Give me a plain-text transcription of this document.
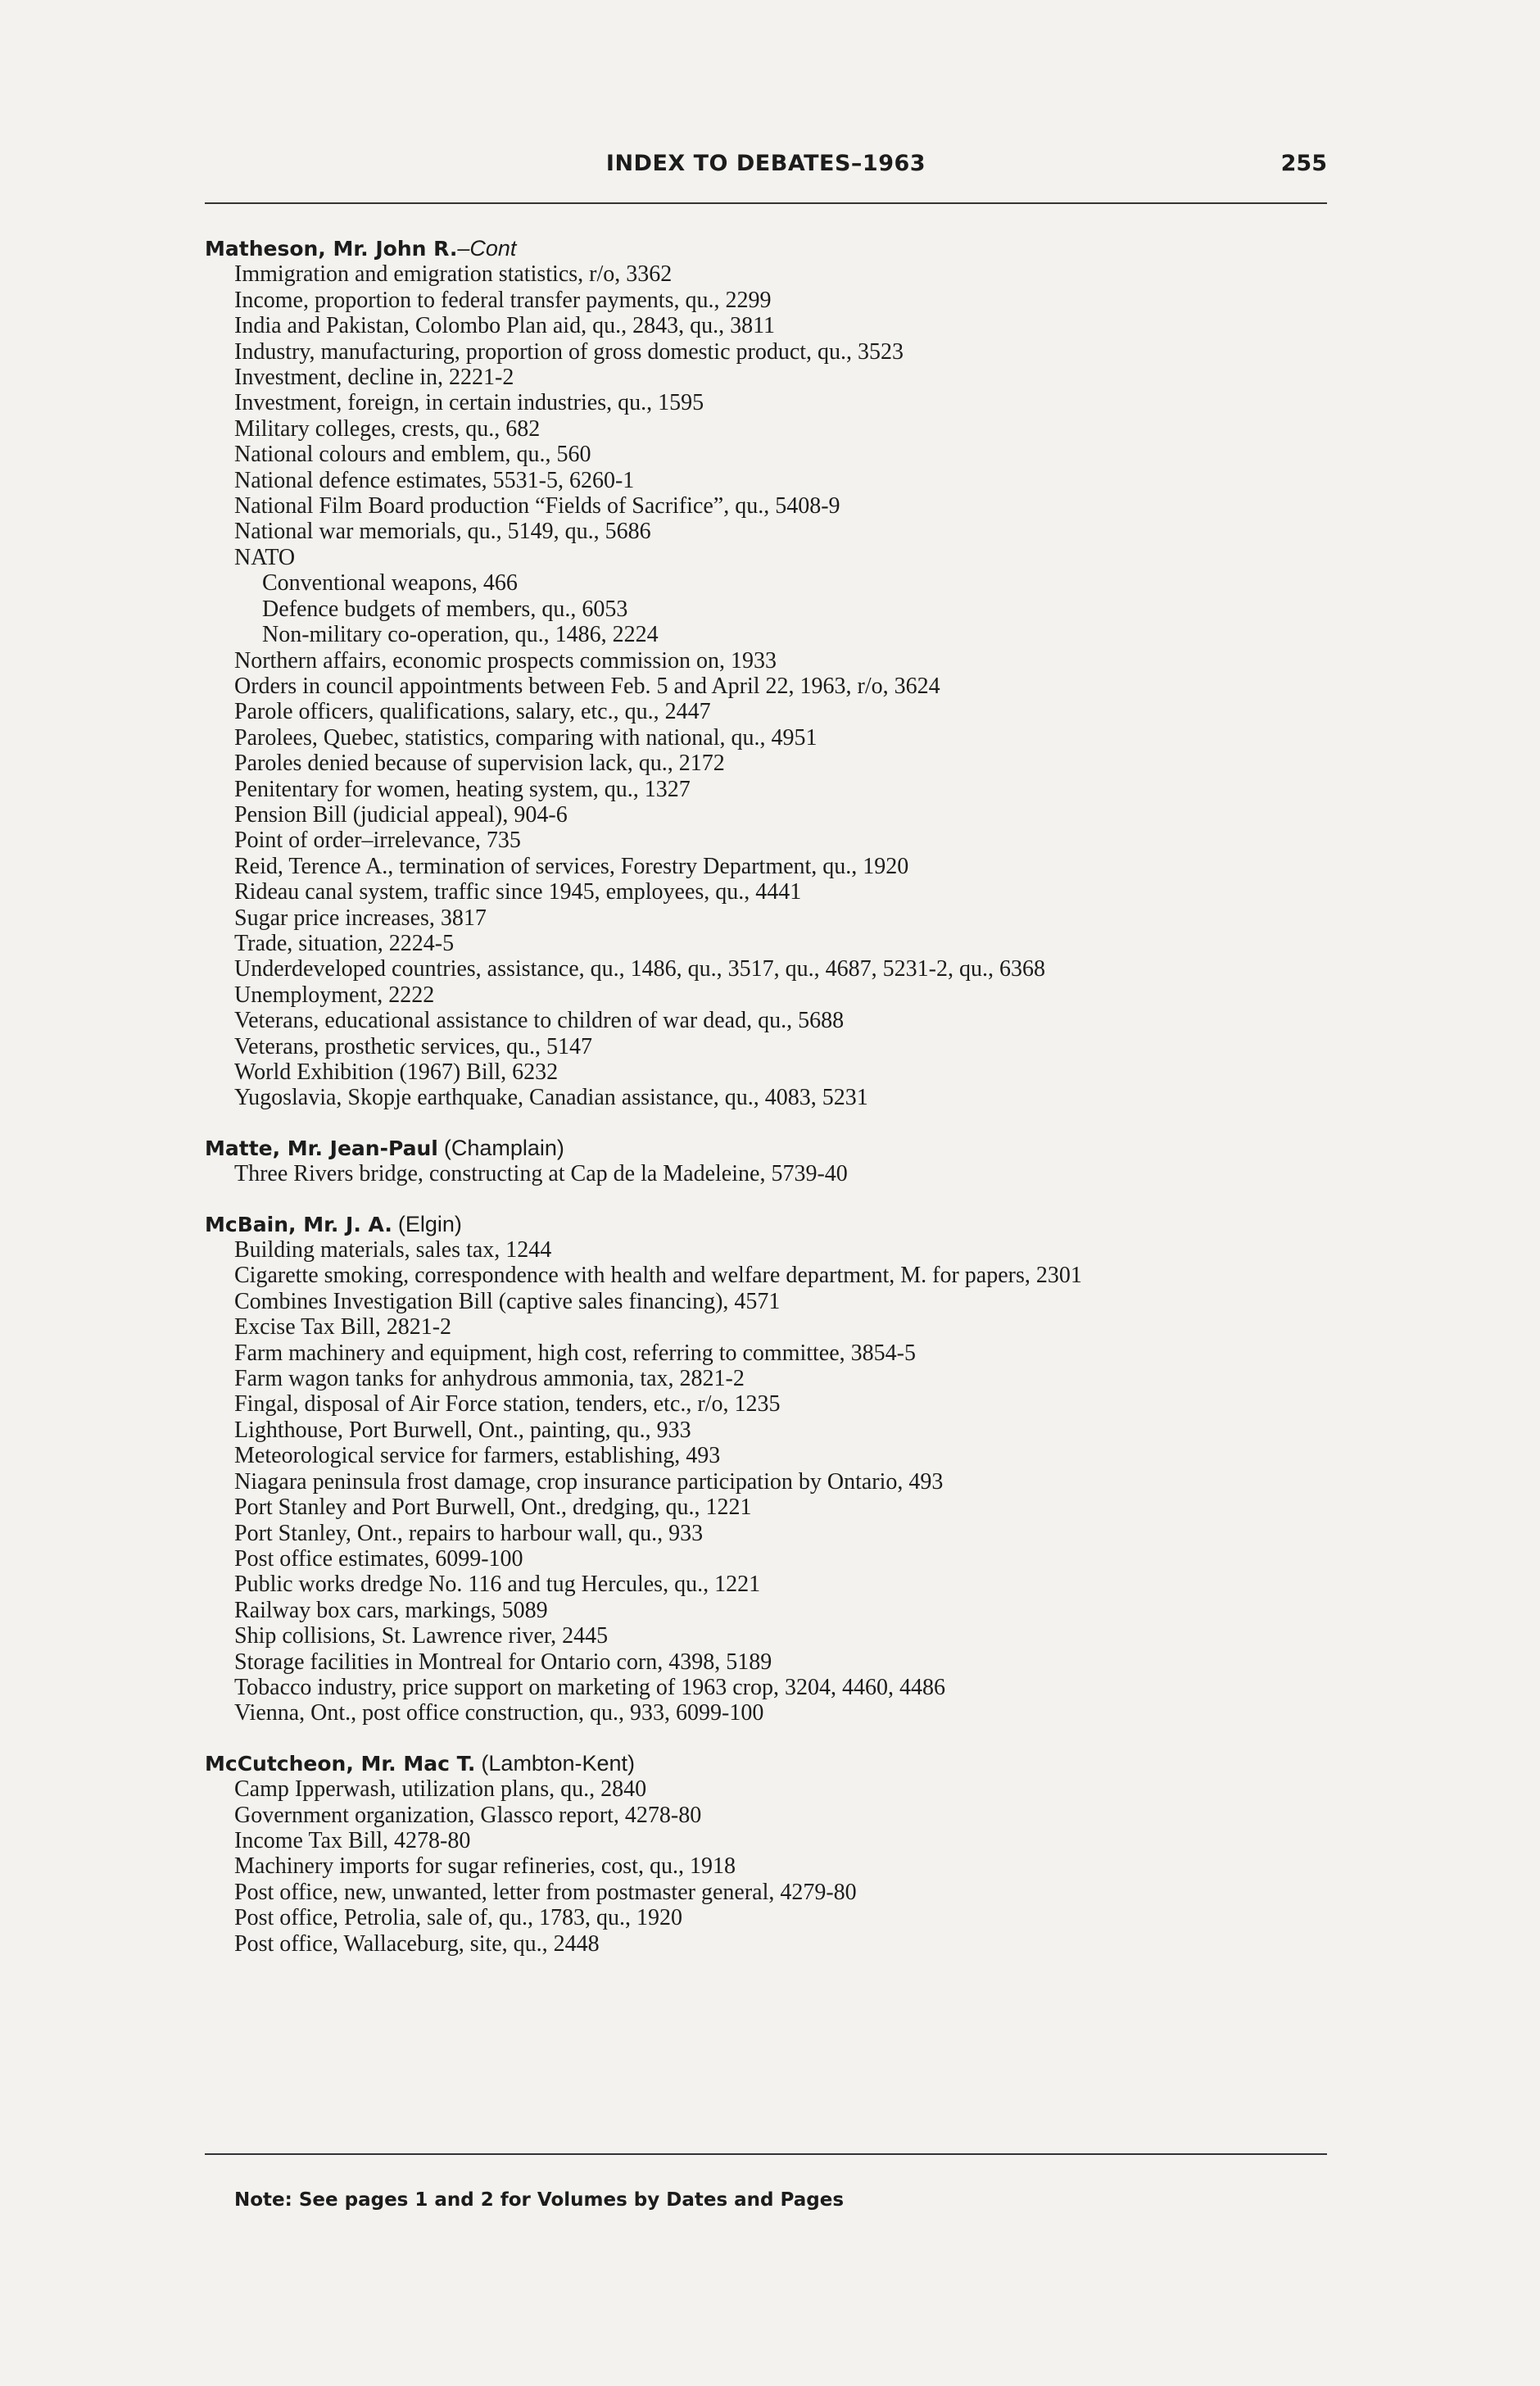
INDEX TO DEBATES–1963	255
Matheson, Mr. John R.–Cont
Immigration and emigration statistics, r/o, 3362
Income, proportion to federal transfer payments, qu., 2299
India and Pakistan, Colombo Plan aid, qu., 2843, qu., 3811
Industry, manufacturing, proportion of gross domestic product, qu., 3523
Investment, decline in, 2221-2
Investment, foreign, in certain industries, qu., 1595
Military colleges, crests, qu., 682
National colours and emblem, qu., 560
National defence estimates, 5531-5, 6260-1
National Film Board production “Fields of Sacrifice”, qu., 5408-9
National war memorials, qu., 5149, qu., 5686
NATO
Conventional weapons, 466
Defence budgets of members, qu., 6053
Non-military co-operation, qu., 1486, 2224
Northern affairs, economic prospects commission on, 1933
Orders in council appointments between Feb. 5 and April 22, 1963, r/o, 3624
Parole officers, qualifications, salary, etc., qu., 2447
Parolees, Quebec, statistics, comparing with national, qu., 4951
Paroles denied because of supervision lack, qu., 2172
Penitentary for women, heating system, qu., 1327
Pension Bill (judicial appeal), 904-6
Point of order–irrelevance, 735
Reid, Terence A., termination of services, Forestry Department, qu., 1920
Rideau canal system, traffic since 1945, employees, qu., 4441
Sugar price increases, 3817
Trade, situation, 2224-5
Underdeveloped countries, assistance, qu., 1486, qu., 3517, qu., 4687, 5231-2, qu., 6368
Unemployment, 2222
Veterans, educational assistance to children of war dead, qu., 5688
Veterans, prosthetic services, qu., 5147
World Exhibition (1967) Bill, 6232
Yugoslavia, Skopje earthquake, Canadian assistance, qu., 4083, 5231
Matte, Mr. Jean-Paul (Champlain)
Three Rivers bridge, constructing at Cap de la Madeleine, 5739-40
McBain, Mr. J. A. (Elgin)
Building materials, sales tax, 1244
Cigarette smoking, correspondence with health and welfare department, M. for papers, 2301
Combines Investigation Bill (captive sales financing), 4571
Excise Tax Bill, 2821-2
Farm machinery and equipment, high cost, referring to committee, 3854-5
Farm wagon tanks for anhydrous ammonia, tax, 2821-2
Fingal, disposal of Air Force station, tenders, etc., r/o, 1235
Lighthouse, Port Burwell, Ont., painting, qu., 933
Meteorological service for farmers, establishing, 493
Niagara peninsula frost damage, crop insurance participation by Ontario, 493
Port Stanley and Port Burwell, Ont., dredging, qu., 1221
Port Stanley, Ont., repairs to harbour wall, qu., 933
Post office estimates, 6099-100
Public works dredge No. 116 and tug Hercules, qu., 1221
Railway box cars, markings, 5089
Ship collisions, St. Lawrence river, 2445
Storage facilities in Montreal for Ontario corn, 4398, 5189
Tobacco industry, price support on marketing of 1963 crop, 3204, 4460, 4486
Vienna, Ont., post office construction, qu., 933, 6099-100
McCutcheon, Mr. Mac T. (Lambton-Kent)
Camp Ipperwash, utilization plans, qu., 2840
Government organization, Glassco report, 4278-80
Income Tax Bill, 4278-80
Machinery imports for sugar refineries, cost, qu., 1918
Post office, new, unwanted, letter from postmaster general, 4279-80
Post office, Petrolia, sale of, qu., 1783, qu., 1920
Post office, Wallaceburg, site, qu., 2448
Note: See pages 1 and 2 for Volumes by Dates and Pages
